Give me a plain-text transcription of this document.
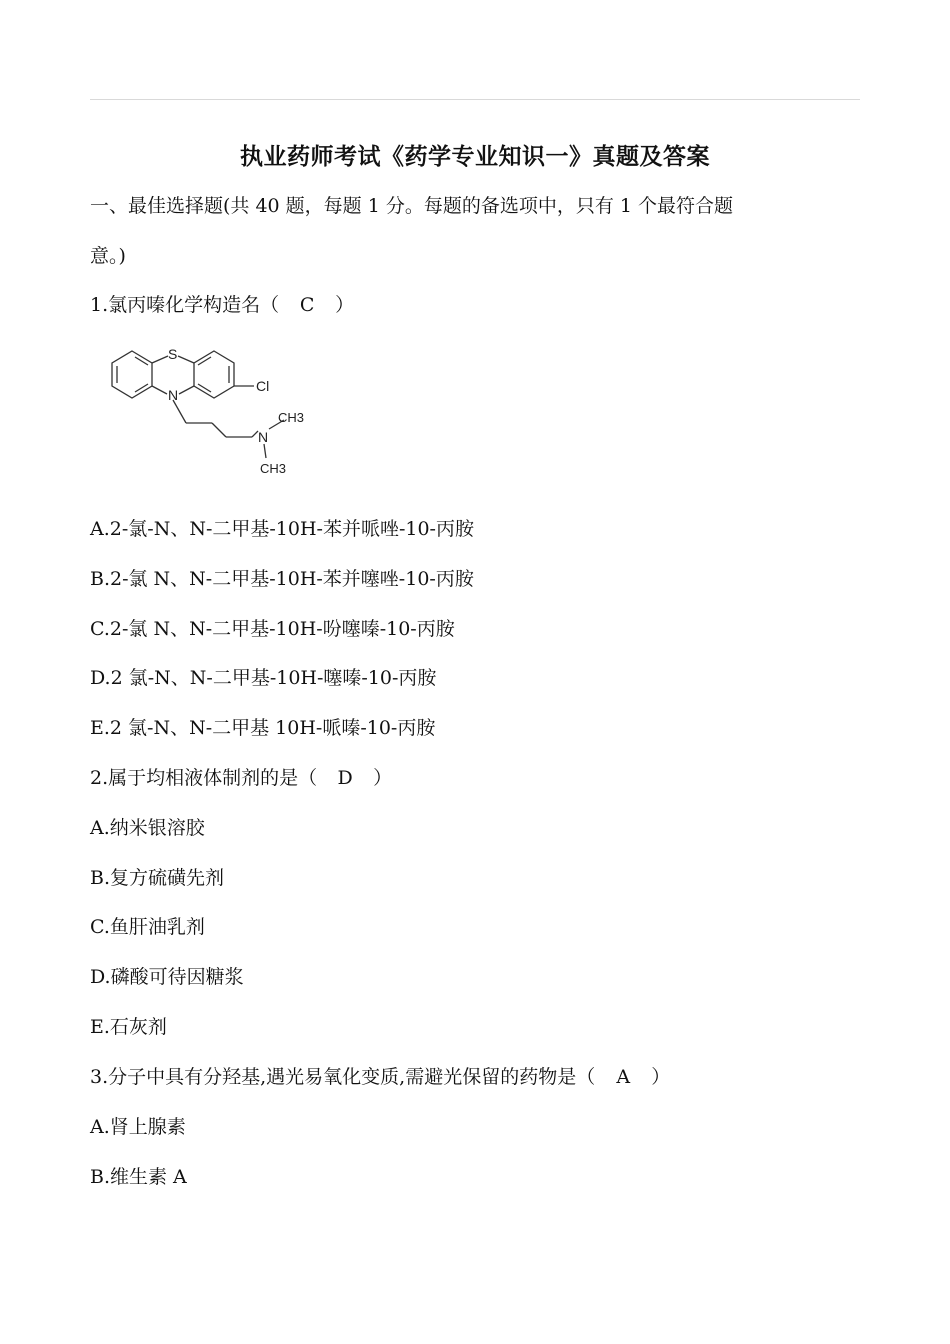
执业药师考试《药学专业知识一》真题及答案
一、最佳选择题(共 40 题，每题 1 分。每题的备选项中，只有 1 个最符合题
意。)
1.氯丙嗪化学构造名（ C ）
S
N
Cl
N
CH3
CH3
A.2-氯-N、N-二甲基-10H-苯并哌唑-10-丙胺
B.2-氯 N、N-二甲基-10H-苯并噻唑-10-丙胺
C.2-氯 N、N-二甲基-10H-吩噻嗪-10-丙胺
D.2 氯-N、N-二甲基-10H-噻嗪-10-丙胺
E.2 氯-N、N-二甲基 10H-哌嗪-10-丙胺
2.属于均相液体制剂的是（ D ）
A.纳米银溶胶
B.复方硫磺先剂
C.鱼肝油乳剂
D.磷酸可待因糖浆
E.石灰剂
3.分子中具有分羟基,遇光易氧化变质,需避光保留的药物是（ A ）
A.肾上腺素
B.维生素 A
